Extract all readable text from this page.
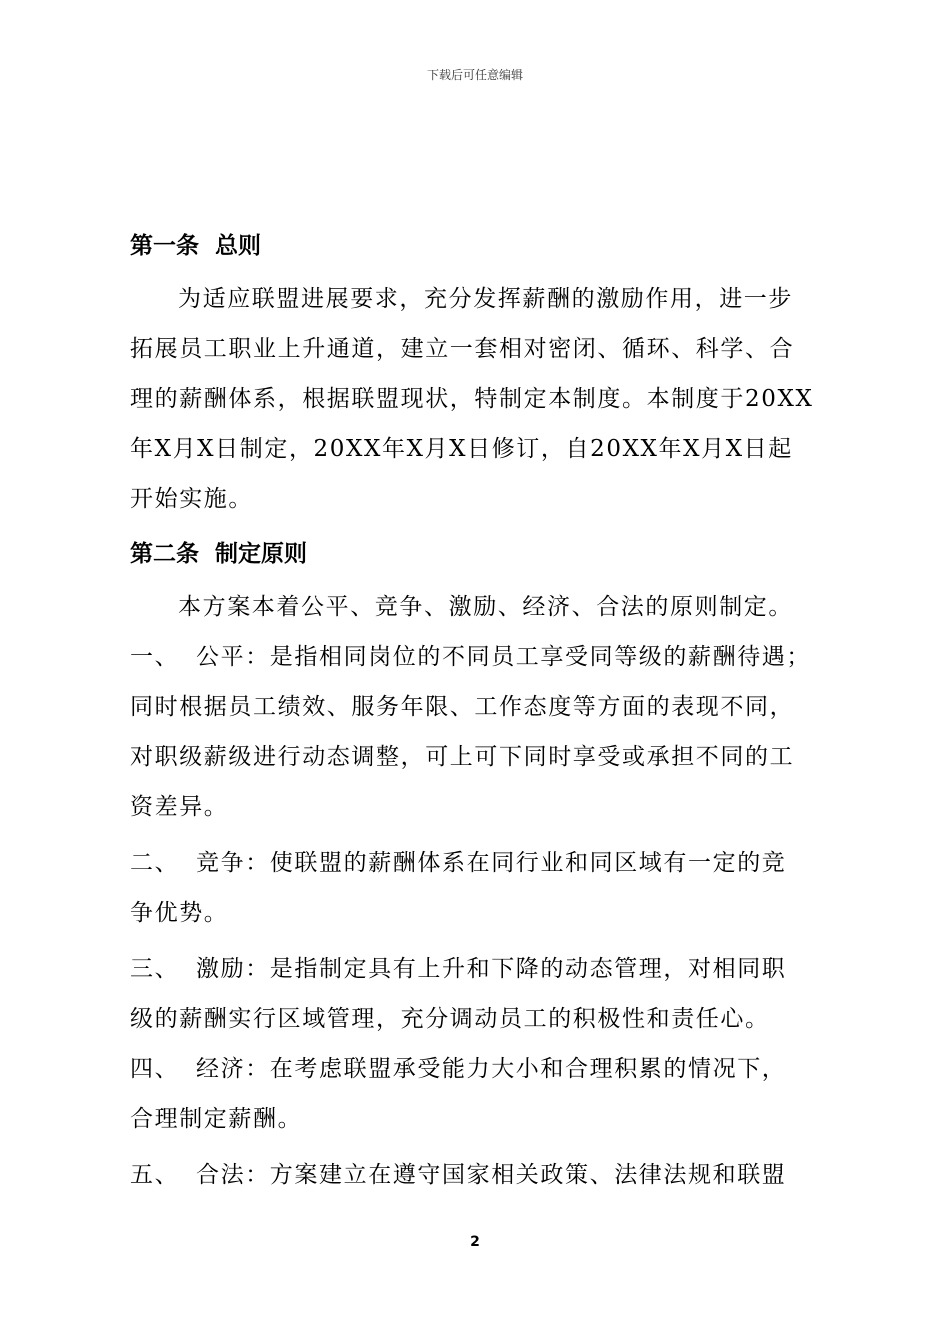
下载后可任意编辑
第一条  总则
为适应联盟进展要求，充分发挥薪酬的激励作用，进一步
拓展员工职业上升通道，建立一套相对密闭、循环、科学、合
理的薪酬体系，根据联盟现状，特制定本制度。本制度于20XX
年X月X日制定，20XX年X月X日修订，自20XX年X月X日起
开始实施。
第二条  制定原则
本方案本着公平、竞争、激励、经济、合法的原则制定。
一、 公平：是指相同岗位的不同员工享受同等级的薪酬待遇；
同时根据员工绩效、服务年限、工作态度等方面的表现不同，
对职级薪级进行动态调整，可上可下同时享受或承担不同的工
资差异。
二、 竞争：使联盟的薪酬体系在同行业和同区域有一定的竞
争优势。
三、 激励：是指制定具有上升和下降的动态管理，对相同职
级的薪酬实行区域管理，充分调动员工的积极性和责任心。
四、 经济：在考虑联盟承受能力大小和合理积累的情况下，
合理制定薪酬。
五、 合法：方案建立在遵守国家相关政策、法律法规和联盟
2
